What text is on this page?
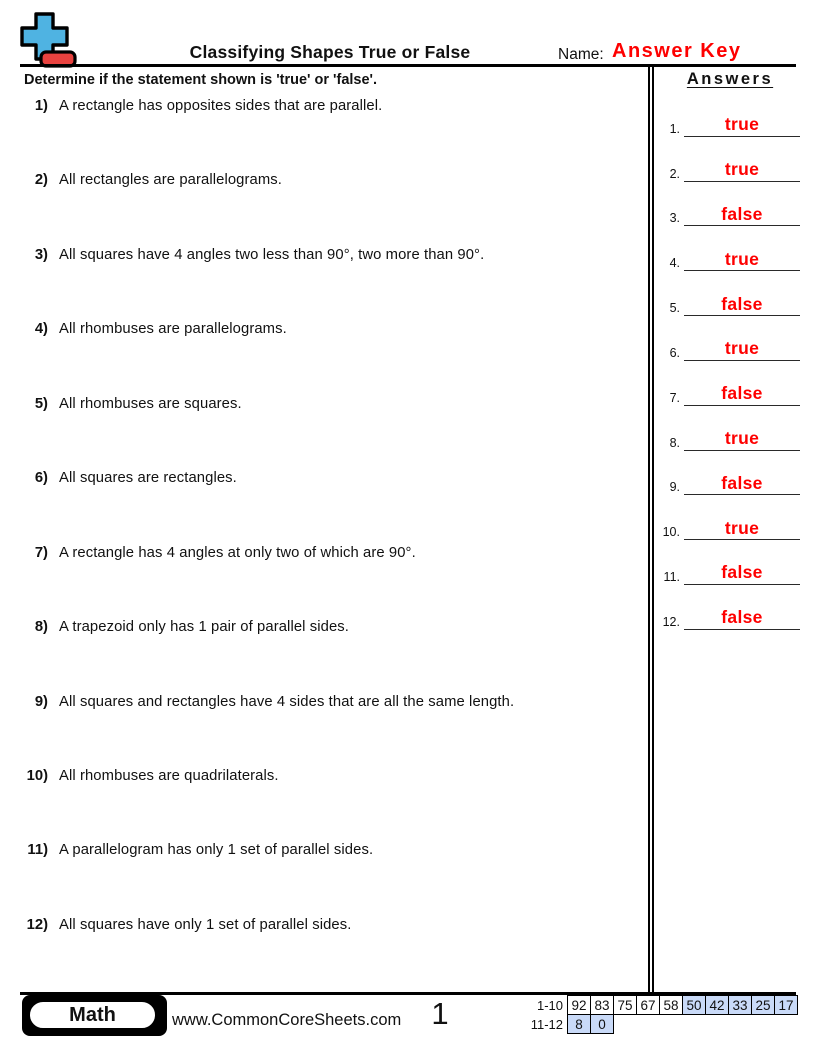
Classifying Shapes True or False	Name: Answer Key
Determine if the statement shown is 'true' or 'false'.
1) A rectangle has opposites sides that are parallel.
2) All rectangles are parallelograms.
3) All squares have 4 angles two less than 90°, two more than 90°.
4) All rhombuses are parallelograms.
5) All rhombuses are squares.
6) All squares are rectangles.
7) A rectangle has 4 angles at only two of which are 90°.
8) A trapezoid only has 1 pair of parallel sides.
9) All squares and rectangles have 4 sides that are all the same length.
10) All rhombuses are quadrilaterals.
11) A parallelogram has only 1 set of parallel sides.
12) All squares have only 1 set of parallel sides.
Answers
1.	true
2.	true
3. false
4.	true
5. false
6.	true
7. false
8.	true
9. false
10.	true
11. false
12. false
Math	www.CommonCoreSheets.com 1	1-10 92 83 75 67 58 50 42 33 25 17
11-12 8	0
